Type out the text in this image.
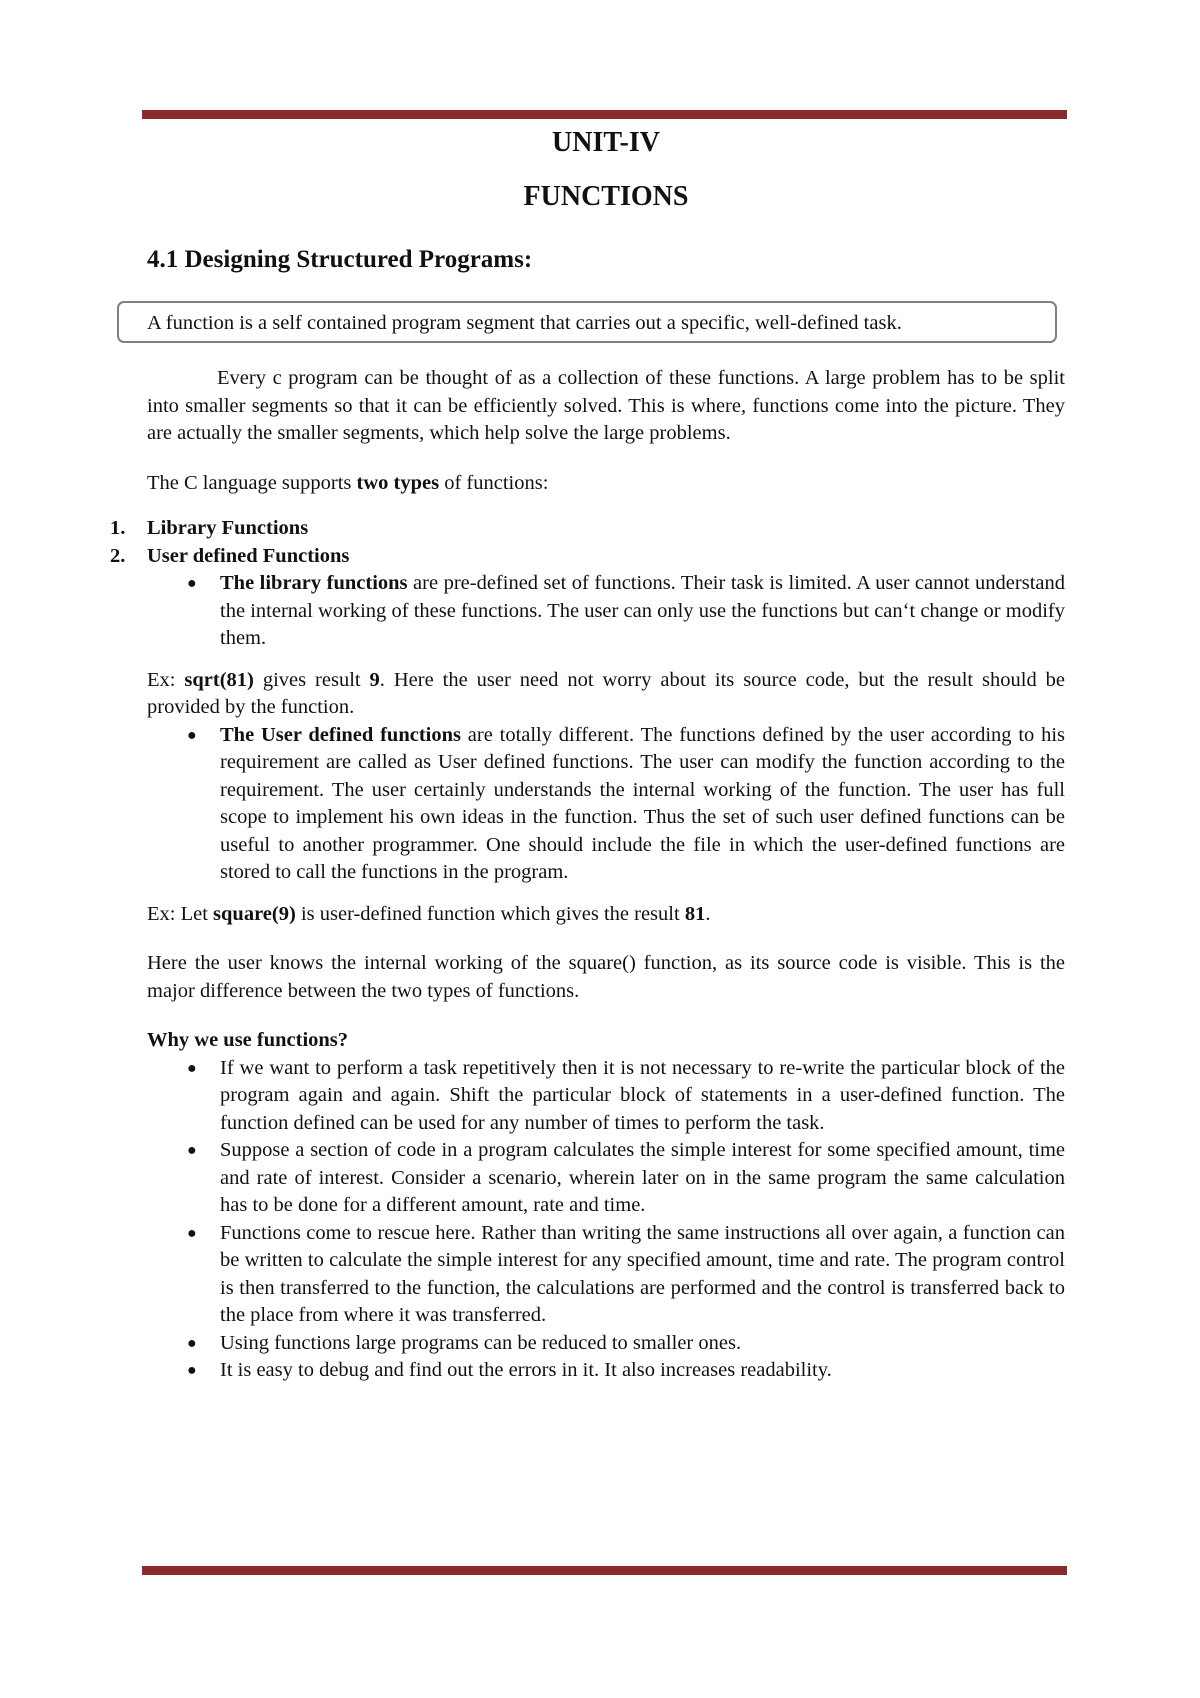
UNIT-IV
FUNCTIONS
4.1 Designing Structured Programs:
A function is a self contained program segment that carries out a specific, well-defined task.

Every c program can be thought of as a collection of these functions. A large problem has to be split into smaller segments so that it can be efficiently solved. This is where, functions come into the picture. They are actually the smaller segments, which help solve the large problems.

The C language supports two types of functions:

1. Library Functions
2. User defined Functions
● The library functions are pre-defined set of functions. Their task is limited. A user cannot understand the internal working of these functions. The user can only use the functions but can‘t change or modify them.

Ex: sqrt(81) gives result 9. Here the user need not worry about its source code, but the result should be provided by the function.

● The User defined functions are totally different. The functions defined by the user according to his requirement are called as User defined functions. The user can modify the function according to the requirement. The user certainly understands the internal working of the function. The user has full scope to implement his own ideas in the function. Thus the set of such user defined functions can be useful to another programmer. One should include the file in which the user-defined functions are stored to call the functions in the program.

Ex: Let square(9) is user-defined function which gives the result 81.

Here the user knows the internal working of the square() function, as its source code is visible. This is the major difference between the two types of functions.

Why we use functions?

● If we want to perform a task repetitively then it is not necessary to re-write the particular block of the program again and again. Shift the particular block of statements in a user-defined function. The function defined can be used for any number of times to perform the task.
● Suppose a section of code in a program calculates the simple interest for some specified amount, time and rate of interest. Consider a scenario, wherein later on in the same program the same calculation has to be done for a different amount, rate and time.
● Functions come to rescue here. Rather than writing the same instructions all over again, a function can be written to calculate the simple interest for any specified amount, time and rate. The program control is then transferred to the function, the calculations are performed and the control is transferred back to the place from where it was transferred.
● Using functions large programs can be reduced to smaller ones.
● It is easy to debug and find out the errors in it. It also increases readability.
